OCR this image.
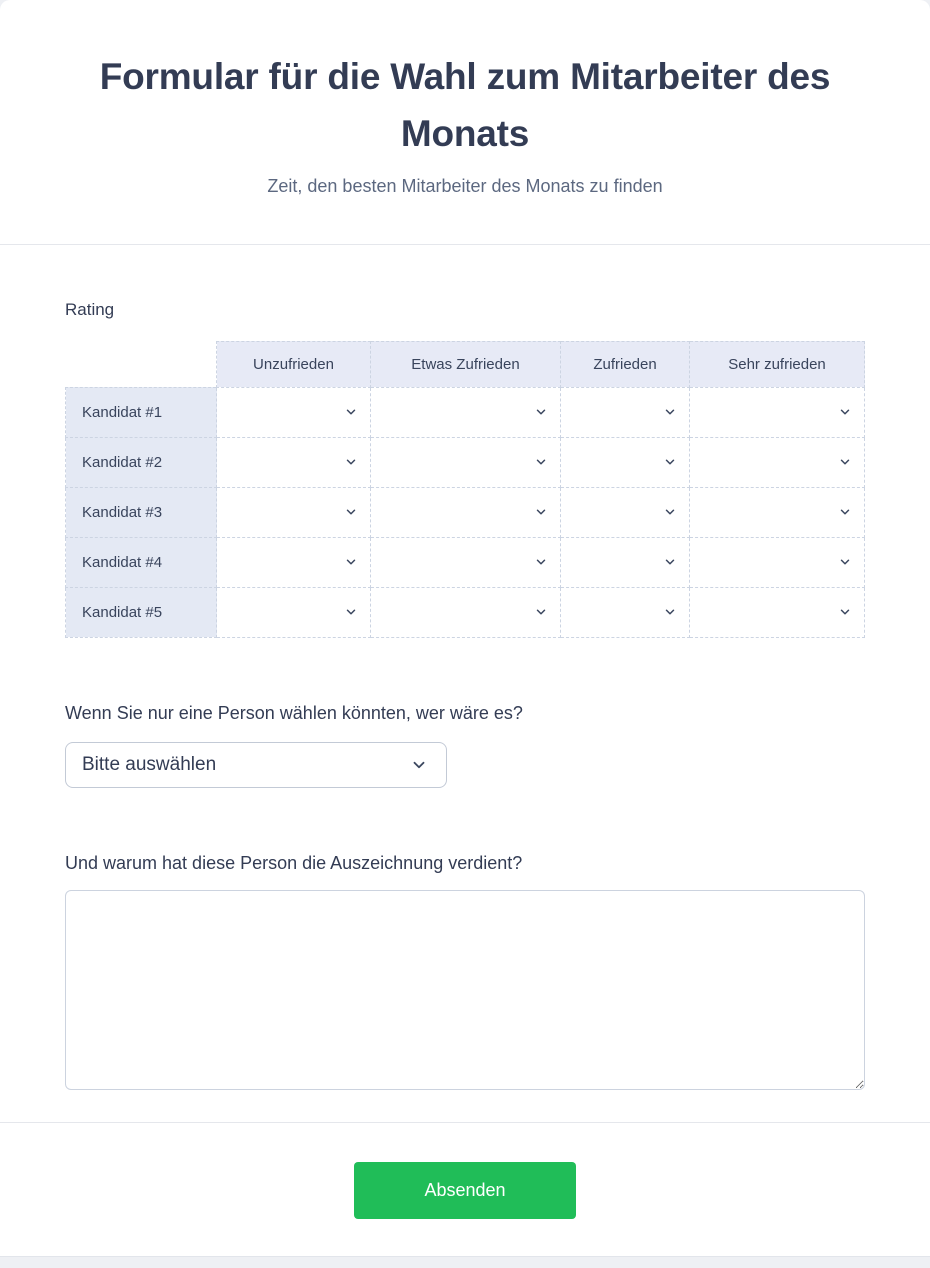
Formular für die Wahl zum Mitarbeiter des Monats
Zeit, den besten Mitarbeiter des Monats zu finden
Rating
	Unzufrieden	Etwas Zufrieden	Zufrieden	Sehr zufrieden
Kandidat #1	

Kandidat #2	

Kandidat #3	

Kandidat #4	

Kandidat #5	

Wenn Sie nur eine Person wählen könnten, wer wäre es?
Bitte auswählen
Und warum hat diese Person die Auszeichnung verdient?
Absenden
